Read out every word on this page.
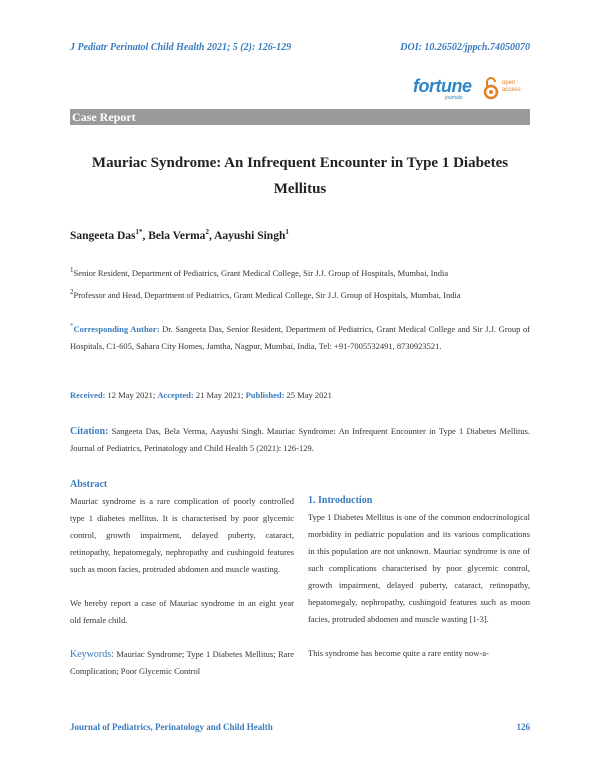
J Pediatr Perinatol Child Health 2021; 5 (2): 126-129	DOI: 10.26502/jppch.74050070
fortune
journals
open access
Case Report
Mauriac Syndrome: An Infrequent Encounter in Type 1 Diabetes Mellitus
Sangeeta Das$^{1*}$, Bela Verma$^2$, Aayushi Singh$^1$
$^1$Senior Resident, Department of Pediatrics, Grant Medical College, Sir J.J. Group of Hospitals, Mumbai, India
$^2$Professor and Head, Department of Pediatrics, Grant Medical College, Sir J.J. Group of Hospitals, Mumbai, India
*Corresponding Author: Dr. Sangeeta Das, Senior Resident, Department of Pediatrics, Grant Medical College and Sir J.J. Group of Hospitals, C1-605, Sahara City Homes, Jamtha, Nagpur, Mumbai, India, Tel: +91-7005532491, 8730923521.
Received: 12 May 2021; Accepted: 21 May 2021; Published: 25 May 2021
Citation: Sangeeta Das, Bela Verma, Aayushi Singh. Mauriac Syndrome: An Infrequent Encounter in Type 1 Diabetes Mellitus. Journal of Pediatrics, Perinatology and Child Health 5 (2021): 126-129.
Abstract

Mauriac syndrome is a rare complication of poorly controlled type 1 diabetes mellitus. It is characterised by poor glycemic control, growth impairment, delayed puberty, cataract, retinopathy, hepatomegaly, nephropathy and cushingoid features such as moon facies, protruded abdomen and muscle wasting.

We hereby report a case of Mauriac syndrome in an eight year old female child.

Keywords: Mauriac Syndrome; Type 1 Diabetes Mellitus; Rare Complication; Poor Glycemic Control

1. Introduction

Type 1 Diabetes Mellitus is one of the common endocrinological morbidity in pediatric population and its various complications in this population are not unknown. Mauriac syndrome is one of such complications characterised by poor glycemic control, growth impairment, delayed puberty, cataract, retinopathy, hepatomegaly, nephropathy, cushingoid features such as moon facies, protruded abdomen and muscle wasting [1-3].

This syndrome has become quite a rare entity now-a-

Journal of Pediatrics, Perinatology and Child Health	126
